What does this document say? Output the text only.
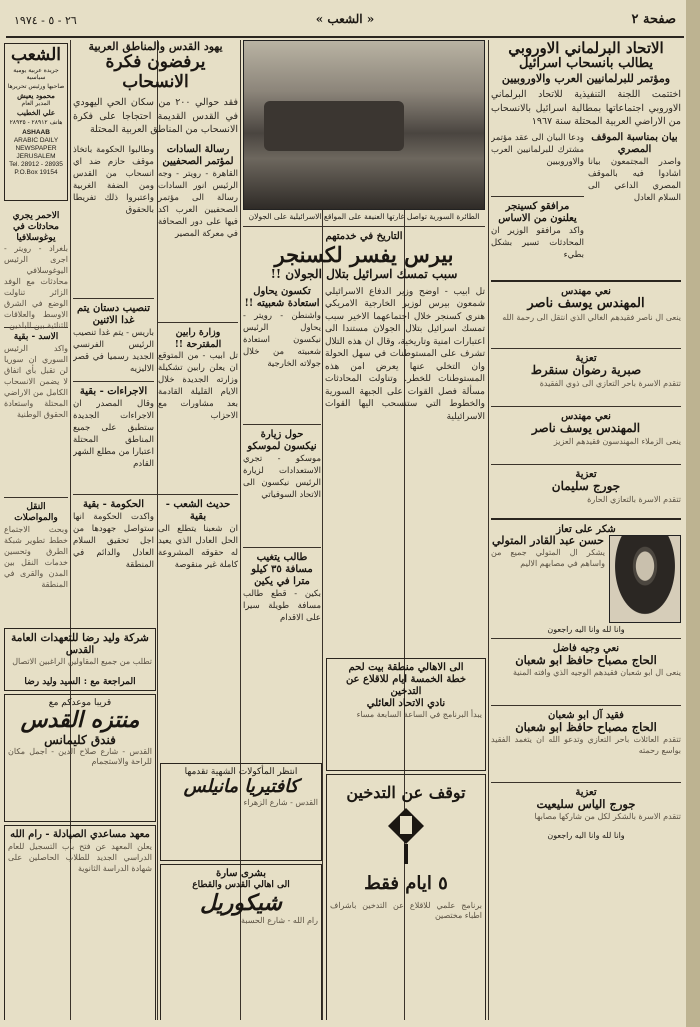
صفحة ٢
« الشعب »
٢٦ - ٥ - ١٩٧٤
الشعب
جريدة عربية يومية سياسية
صاحبها ورئيس تحريرها
محمود يعيش
المدير العام
علي الخطيب
هاتف ٢٨٩١٢ - ٢٨٩٣٥
ASHAAB
ARABIC DAILY NEWSPAPER
JERUSALEM
Tel. 28912 - 28935
P.O.Box 19154
الاحمر يجري محادثات في يوغوسلافيا
بلغراد - رويتر - اجرى الرئيس اليوغوسلافي محادثات مع الوفد الزائر تناولت الوضع في الشرق الاوسط والعلاقات الثنائية بين البلدين
الاسد - بقية
واكد الرئيس السوري ان سوريا لن تقبل بأي اتفاق لا يضمن الانسحاب الكامل من الاراضي المحتلة واستعادة الحقوق الوطنية
النقل والمواصلات
وبحث الاجتماع خطط تطوير شبكة الطرق وتحسين خدمات النقل بين المدن والقرى في المنطقة
يهود القدس والمناطق العربية
يرفضون فكرة الانسحاب
فقد حوالي ٢٠٠ من سكان الحي اليهودي في القدس القديمة احتجاجا على فكرة الانسحاب من المناطق العربية المحتلة
رسالة السادات لمؤتمر الصحفيين
القاهرة - رويتر - وجه الرئيس انور السادات رسالة الى مؤتمر الصحفيين العرب اكد فيها على دور الصحافة في معركة المصير
وزارة رابين المقترحة !!
تل ابيب - من المتوقع ان يعلن رابين تشكيلة وزارته الجديدة خلال الايام القليلة القادمة بعد مشاورات مع الاحزاب
وطالبوا الحكومة باتخاذ موقف حازم ضد اي انسحاب من القدس ومن الضفة الغربية واعتبروا ذلك تفريطا بالحقوق
تنصيب دستان يتم غدا الاثنين
باريس - يتم غدا تنصيب الرئيس الفرنسي الجديد رسميا في قصر الاليزيه
الاجراءات - بقية
وقال المصدر ان الاجراءات الجديدة ستطبق على جميع المناطق المحتلة اعتبارا من مطلع الشهر القادم
حديث الشعب - بقية
ان شعبنا يتطلع الى الحل العادل الذي يعيد له حقوقه المشروعة كاملة غير منقوصة
الحكومة - بقية
واكدت الحكومة انها ستواصل جهودها من اجل تحقيق السلام العادل والدائم في المنطقة
الطائرة السورية تواصل غارتها العنيفة على المواقع الاسرائيلية على الجولان
التاريخ في خدمتهم
بيرس يفسر لكسنجر
سبب تمسك اسرائيل بتلال الجولان !!
تل ابيب - اوضح وزير الدفاع الاسرائيلي شمعون بيرس لوزير الخارجية الامريكي هنري كسنجر خلال اجتماعهما الاخير سبب تمسك اسرائيل بتلال الجولان مستندا الى اعتبارات امنية وتاريخية، وقال ان هذه التلال تشرف على المستوطنات في سهل الحولة وان التخلي عنها يعرض امن هذه المستوطنات للخطر. وتناولت المحادثات مسألة فصل القوات على الجبهة السورية والخطوط التي ستنسحب اليها القوات الاسرائيلية
تكسون يحاول استعادة شعبيته !!
واشنطن - رويتر - يحاول الرئيس نيكسون استعادة شعبيته من خلال جولاته الخارجية
حول زيارة نيكسون لموسكو
موسكو - تجري الاستعدادات لزيارة الرئيس نيكسون الى الاتحاد السوفياتي
طالب يتغيب مسافة ٣٥ كيلو مترا في يكين
بكين - قطع طالب مسافة طويلة سيرا على الاقدام
الاتحاد البرلماني الاوروبي
يطالب بانسحاب اسرائيل
ومؤتمر للبرلمانيين العرب والاوروبيين
اختتمت اللجنة التنفيذية للاتحاد البرلماني الاوروبي اجتماعاتها بمطالبة اسرائيل بالانسحاب من الاراضي العربية المحتلة سنة ١٩٦٧
بيان بمناسبة الموقف المصري
واصدر المجتمعون بيانا اشادوا فيه بالموقف المصري الداعي الى السلام العادل
ودعا البيان الى عقد مؤتمر مشترك للبرلمانيين العرب والاوروبيين
مرافقو كسينجر يعلنون من الاساس
واكد مرافقو الوزير ان المحادثات تسير بشكل بطيء
نعي مهندس
المهندس يوسف ناصر
ينعى ال ناصر فقيدهم الغالي الذي انتقل الى رحمة الله
تعزية
صبرية رضوان سنقرط
تتقدم الاسرة باحر التعازي الى ذوي الفقيدة
نعي مهندس
المهندس يوسف ناصر
ينعى الزملاء المهندسون فقيدهم العزيز
تعزية
جورج سليمان
تتقدم الاسرة بالتعازي الحارة
شكر على تعاز
حسن عبد القادر المتولي
يشكر ال المتولي جميع من واساهم في مصابهم الاليم
وانا لله وانا اليه راجعون
نعي وجيه فاضل
الحاج مصباح حافظ ابو شعبان
ينعى ال ابو شعبان فقيدهم الوجيه الذي وافته المنية
فقيد آل ابو شعبان
الحاج مصباح حافظ ابو شعبان
تتقدم العائلات باحر التعازي وتدعو الله ان يتغمد الفقيد بواسع رحمته
تعزية
جورج الياس سليعيت
تتقدم الاسرة بالشكر لكل من شاركها مصابها
وانا لله وانا اليه راجعون
شركة وليد رضا للتعهدات العامة
القدس
تطلب من جميع المقاولين الراغبين الاتصال
المراجعة مع : السيد وليد رضا
قريبا موعدكم مع
منتزه القدس
فندق كليمانس
القدس - شارع صلاح الدين - اجمل مكان للراحة والاستجمام
معهد مساعدي الصيادلة - رام الله
يعلن المعهد عن فتح باب التسجيل للعام الدراسي الجديد للطلاب الحاصلين على شهادة الدراسة الثانوية
انتظر المأكولات الشهية تقدمها
كافتيريا مانيلس
القدس - شارع الزهراء
بشرى سارة
الى اهالي القدس والقطاع
شيكوريل
رام الله - شارع الحسبة
الى الاهالي منطقة بيت لحم
خطة الخمسة ايام للاقلاع عن التدخين
نادي الاتحاد العائلي
يبدأ البرنامج في الساعة السابعة مساء
توقف عن التدخين
٥ ايام فقط
برنامج علمي للاقلاع عن التدخين باشراف اطباء مختصين
